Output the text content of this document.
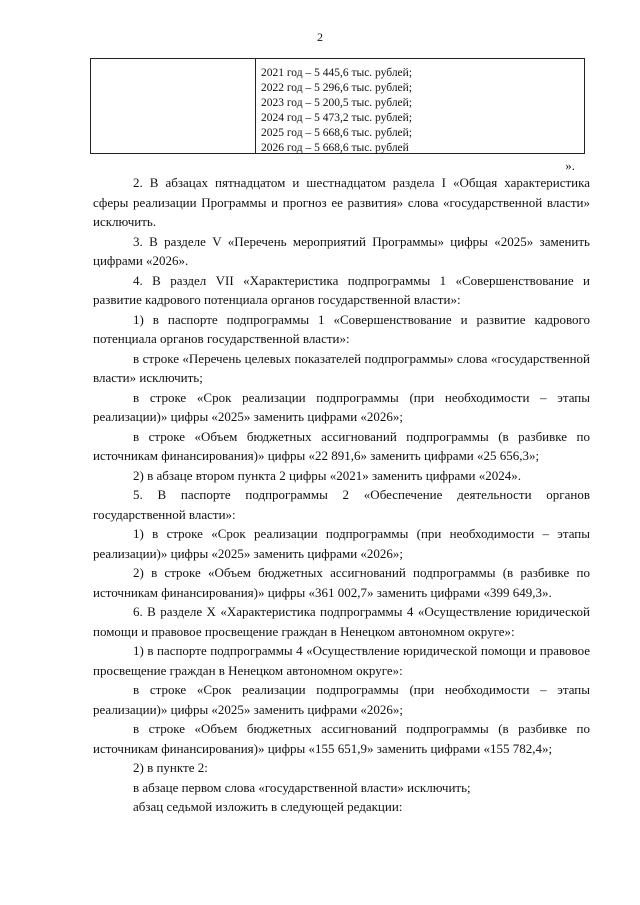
2
2021 год – 5 445,6 тыс. рублей;
2022 год – 5 296,6 тыс. рублей;
2023 год – 5 200,5 тыс. рублей;
2024 год – 5 473,2 тыс. рублей;
2025 год – 5 668,6 тыс. рублей;
2026 год – 5 668,6 тыс. рублей
».

2. В абзацах пятнадцатом и шестнадцатом раздела I «Общая характеристика сферы реализации Программы и прогноз ее развития» слова «государственной власти» исключить.

3. В разделе V «Перечень мероприятий Программы» цифры «2025» заменить цифрами «2026».

4. В раздел VII «Характеристика подпрограммы 1 «Совершенствование и развитие кадрового потенциала органов государственной власти»:

1) в паспорте подпрограммы 1 «Совершенствование и развитие кадрового потенциала органов государственной власти»:

в строке «Перечень целевых показателей подпрограммы» слова «государственной власти» исключить;

в строке «Срок реализации подпрограммы (при необходимости – этапы реализации)» цифры «2025» заменить цифрами «2026»;

в строке «Объем бюджетных ассигнований подпрограммы (в разбивке по источникам финансирования)» цифры «22 891,6» заменить цифрами «25 656,3»;

2) в абзаце втором пункта 2 цифры «2021» заменить цифрами «2024».

5. В паспорте подпрограммы 2 «Обеспечение деятельности органов государственной власти»:

1) в строке «Срок реализации подпрограммы (при необходимости – этапы реализации)» цифры «2025» заменить цифрами «2026»;

2) в строке «Объем бюджетных ассигнований подпрограммы (в разбивке по источникам финансирования)» цифры «361 002,7» заменить цифрами «399 649,3».

6. В разделе X «Характеристика подпрограммы 4 «Осуществление юридической помощи и правовое просвещение граждан в Ненецком автономном округе»:

1) в паспорте подпрограммы 4 «Осуществление юридической помощи и правовое просвещение граждан в Ненецком автономном округе»:

в строке «Срок реализации подпрограммы (при необходимости – этапы реализации)» цифры «2025» заменить цифрами «2026»;

в строке «Объем бюджетных ассигнований подпрограммы (в разбивке по источникам финансирования)» цифры «155 651,9» заменить цифрами «155 782,4»;

2) в пункте 2:

в абзаце первом слова «государственной власти» исключить;

абзац седьмой изложить в следующей редакции:
